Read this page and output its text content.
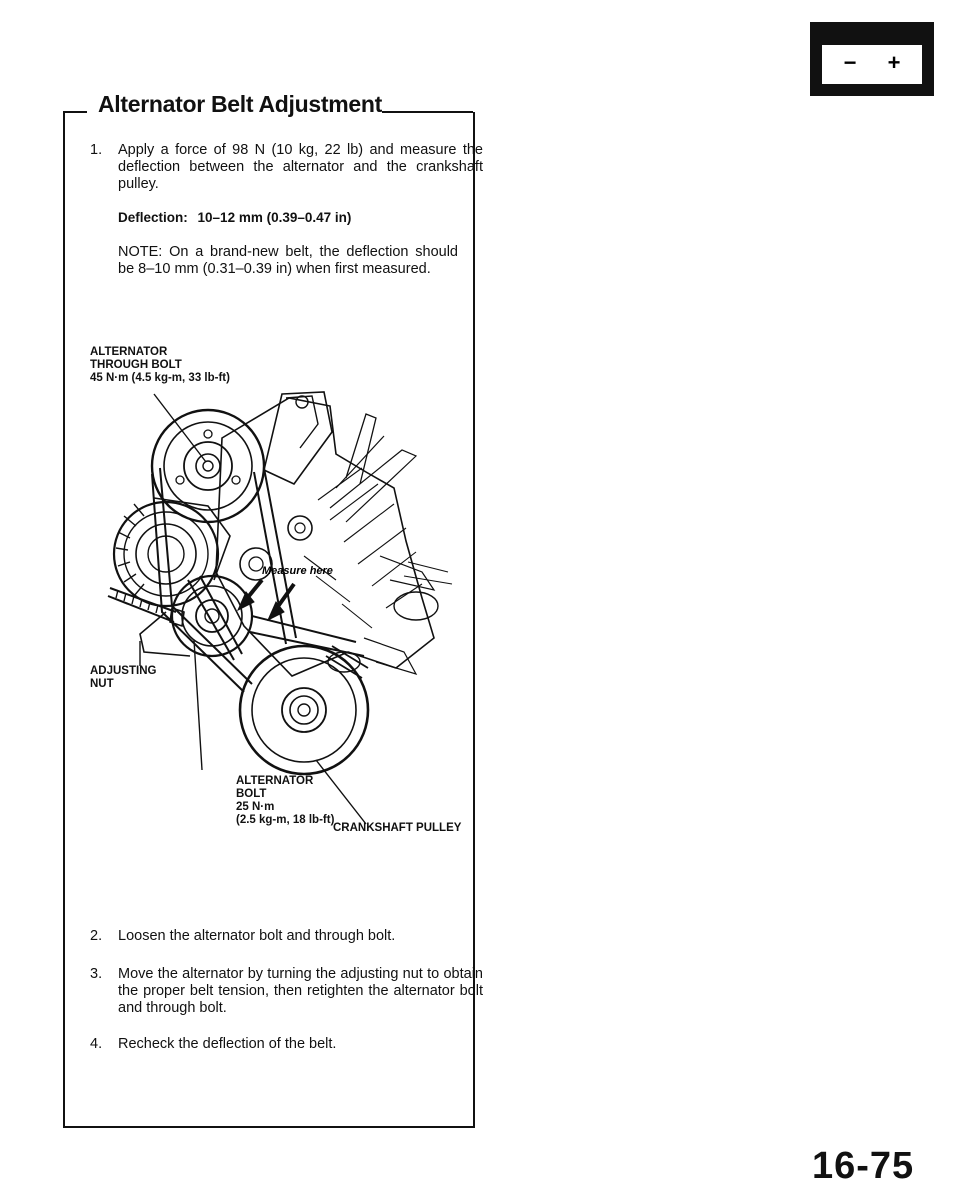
− +
Alternator Belt Adjustment
1. Apply a force of 98 N (10 kg, 22 lb) and measure the deflection between the alternator and the crankshaft pulley.
Deflection: 10–12 mm (0.39–0.47 in)
NOTE: On a brand-new belt, the deflection should be 8–10 mm (0.31–0.39 in) when first measured.
ALTERNATOR
THROUGH BOLT
45 N·m (4.5 kg-m, 33 lb-ft)
ADJUSTING
NUT
ALTERNATOR
BOLT
25 N·m
(2.5 kg-m, 18 lb-ft)
CRANKSHAFT PULLEY
Measure here
2. Loosen the alternator bolt and through bolt.
3. Move the alternator by turning the adjusting nut to obtain the proper belt tension, then retighten the alternator bolt and through bolt.
4. Recheck the deflection of the belt.
16-75
